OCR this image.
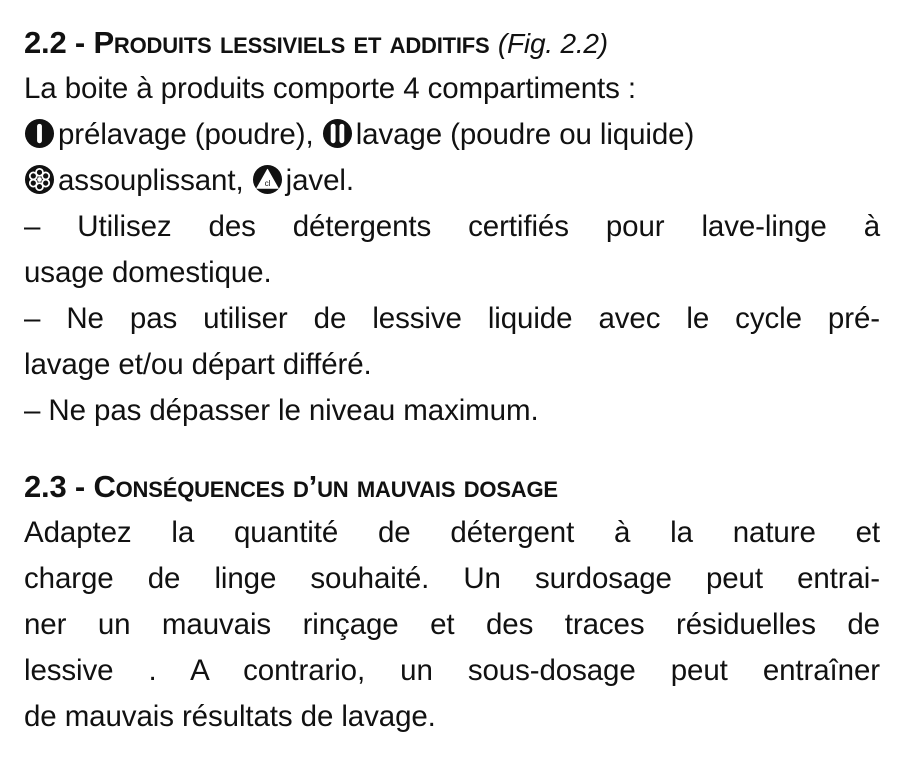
2.2 - Produits lessiviels et additifs (Fig. 2.2)
La boite à produits comporte 4 compartiments :
prélavage (poudre), lavage (poudre ou liquide)
assouplissant, cl javel.
– Utilisez des détergents certifiés pour lave-linge à
usage domestique.
– Ne pas utiliser de lessive liquide avec le cycle pré-
lavage et/ou départ différé.
– Ne pas dépasser le niveau maximum.
2.3 - Conséquences d’un mauvais dosage
Adaptez la quantité de détergent à la nature et
charge de linge souhaité. Un surdosage peut entrai-
ner un mauvais rinçage et des traces résiduelles de
lessive . A contrario, un sous-dosage peut entraîner
de mauvais résultats de lavage.
